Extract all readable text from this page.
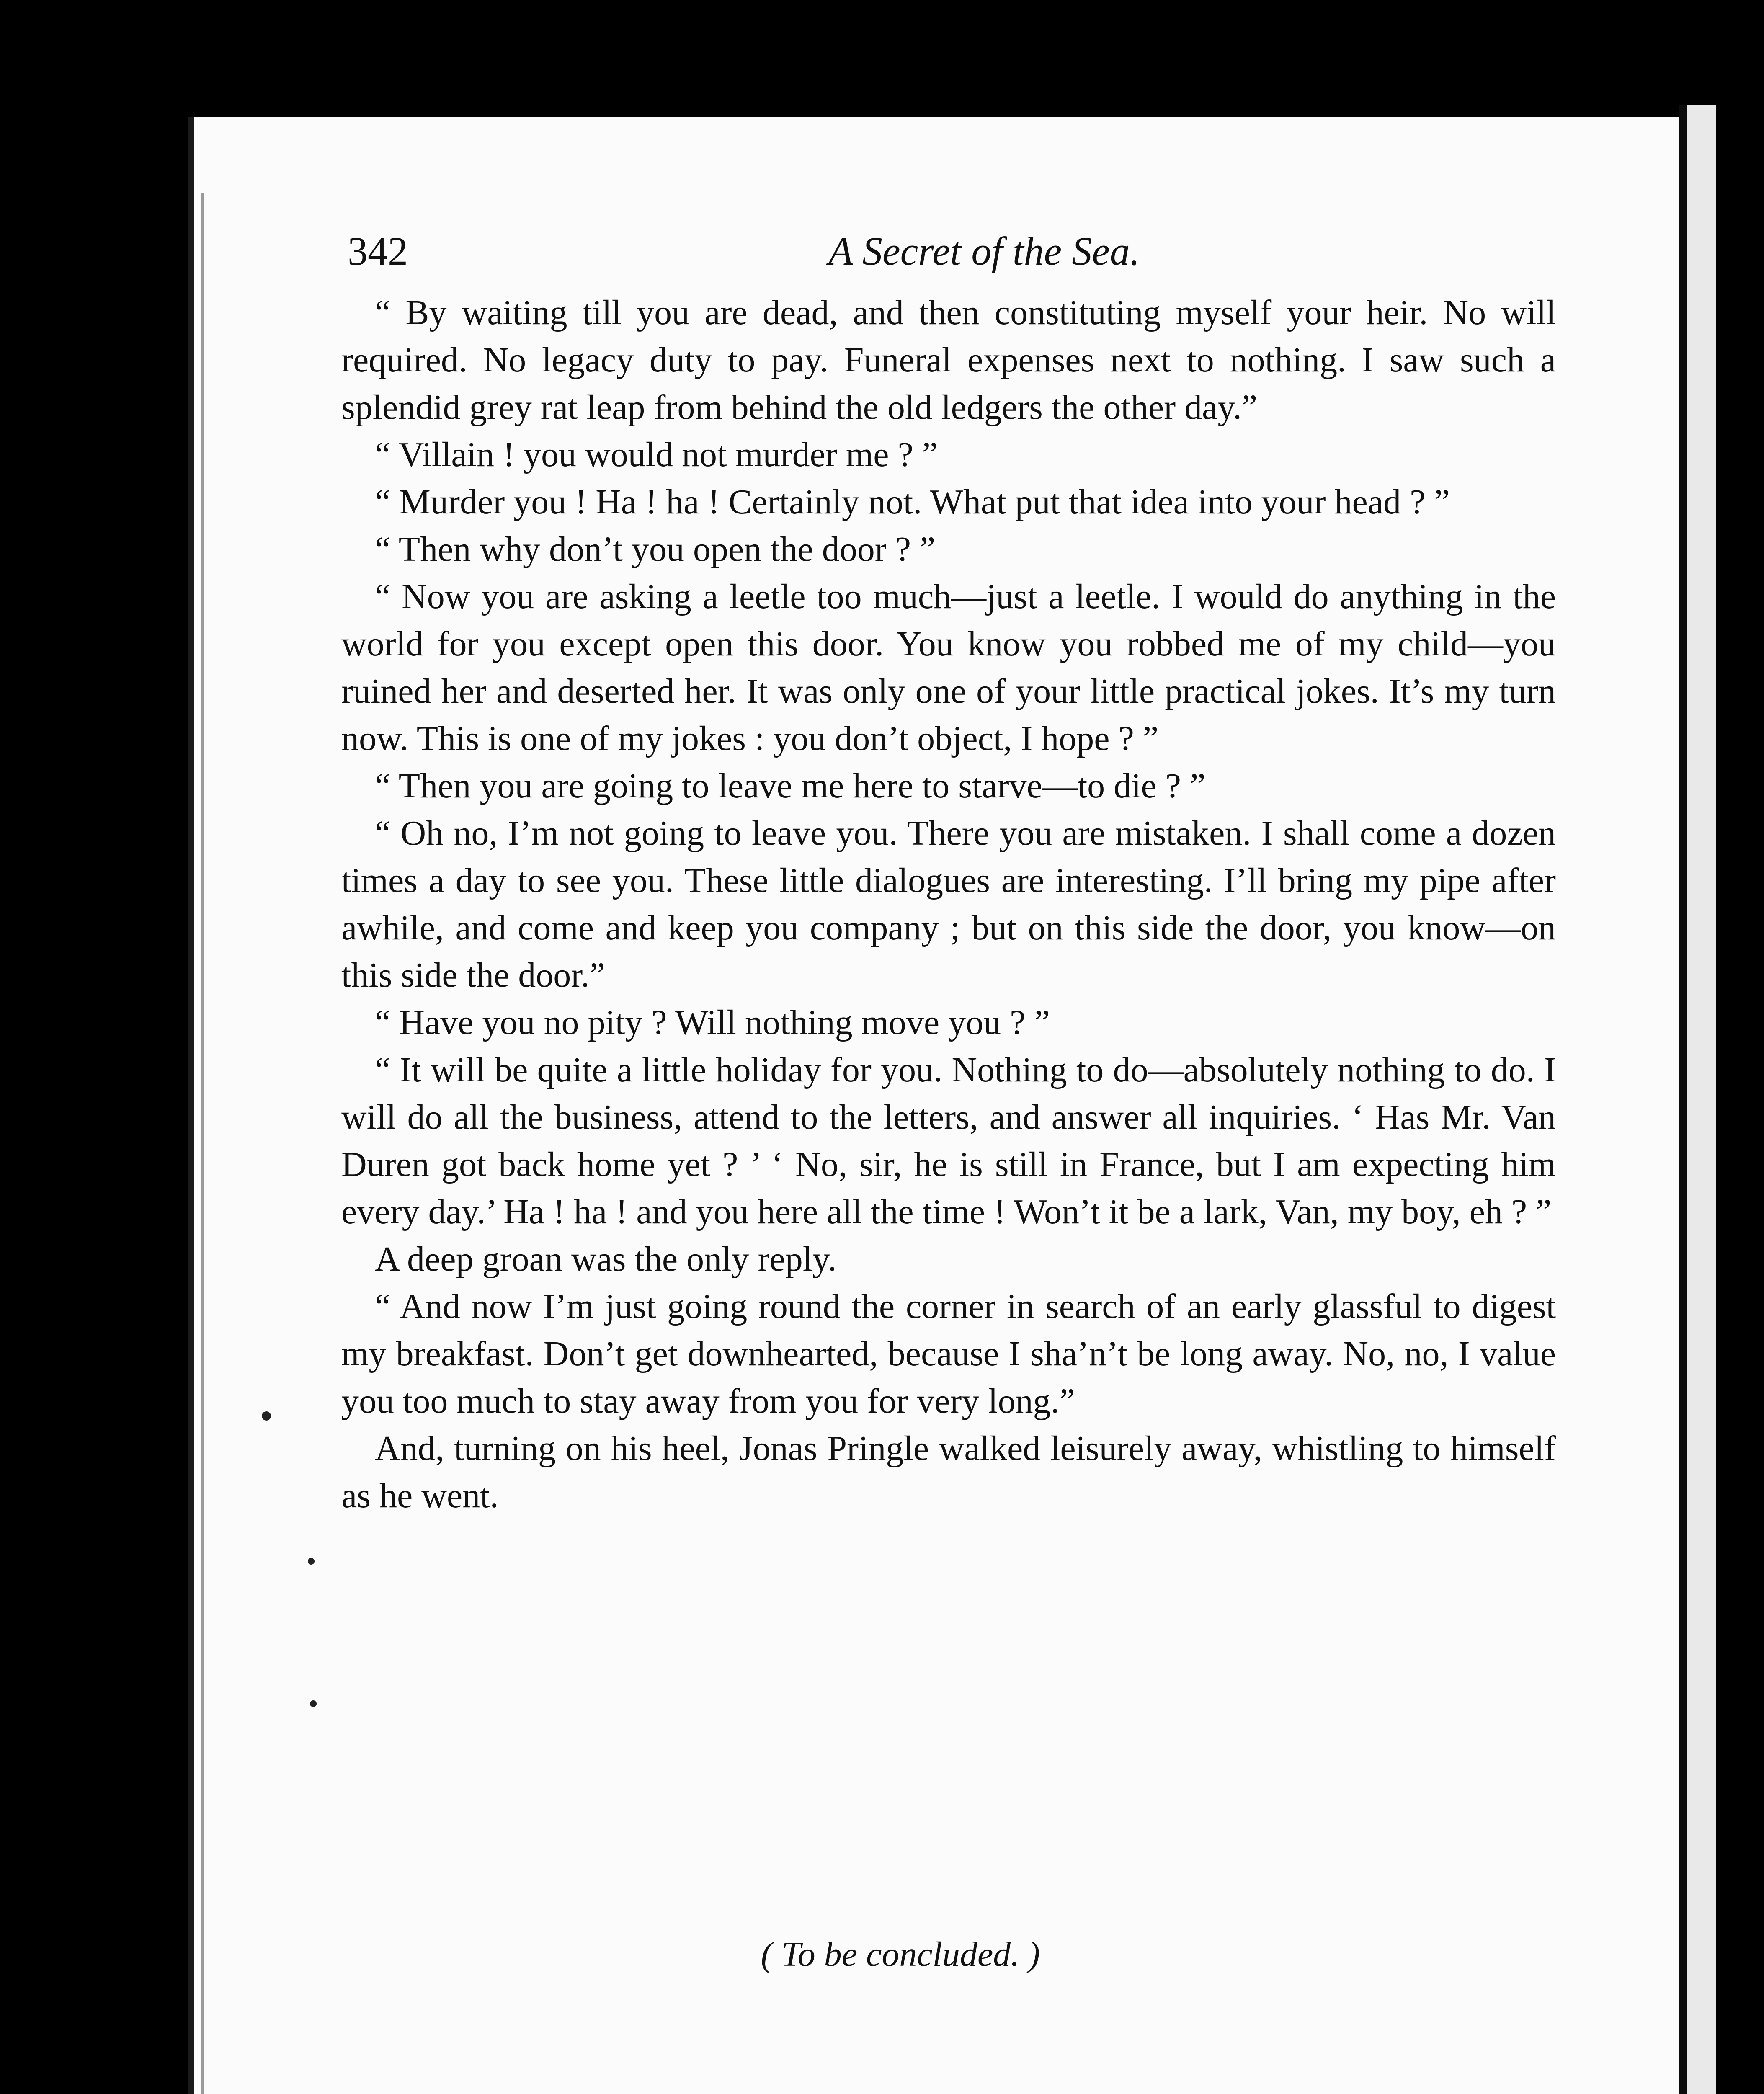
342	A Secret of the Sea.

“ By waiting till you are dead, and then constituting myself your heir. No will required. No legacy duty to pay. Funeral expenses next to nothing. I saw such a splendid grey rat leap from behind the old ledgers the other day.”

“ Villain ! you would not murder me ? ”

“ Murder you ! Ha ! ha ! Certainly not. What put that idea into your head ? ”

“ Then why don’t you open the door ? ”

“ Now you are asking a leetle too much—just a leetle. I would do anything in the world for you except open this door. You know you robbed me of my child—you ruined her and deserted her. It was only one of your little practical jokes. It’s my turn now. This is one of my jokes : you don’t object, I hope ? ”

“ Then you are going to leave me here to starve—to die ? ”

“ Oh no, I’m not going to leave you. There you are mistaken. I shall come a dozen times a day to see you. These little dialogues are interesting. I’ll bring my pipe after awhile, and come and keep you company ; but on this side the door, you know—on this side the door.”

“ Have you no pity ? Will nothing move you ? ”

“ It will be quite a little holiday for you. Nothing to do—absolutely nothing to do. I will do all the business, attend to the letters, and answer all inquiries. ‘ Has Mr. Van Duren got back home yet ? ’ ‘ No, sir, he is still in France, but I am expecting him every day.’ Ha ! ha ! and you here all the time ! Won’t it be a lark, Van, my boy, eh ? ”

A deep groan was the only reply.

“ And now I’m just going round the corner in search of an early glassful to digest my breakfast. Don’t get downhearted, because I sha’n’t be long away. No, no, I value you too much to stay away from you for very long.”

And, turning on his heel, Jonas Pringle walked leisurely away, whistling to himself as he went.

( To be concluded. )
